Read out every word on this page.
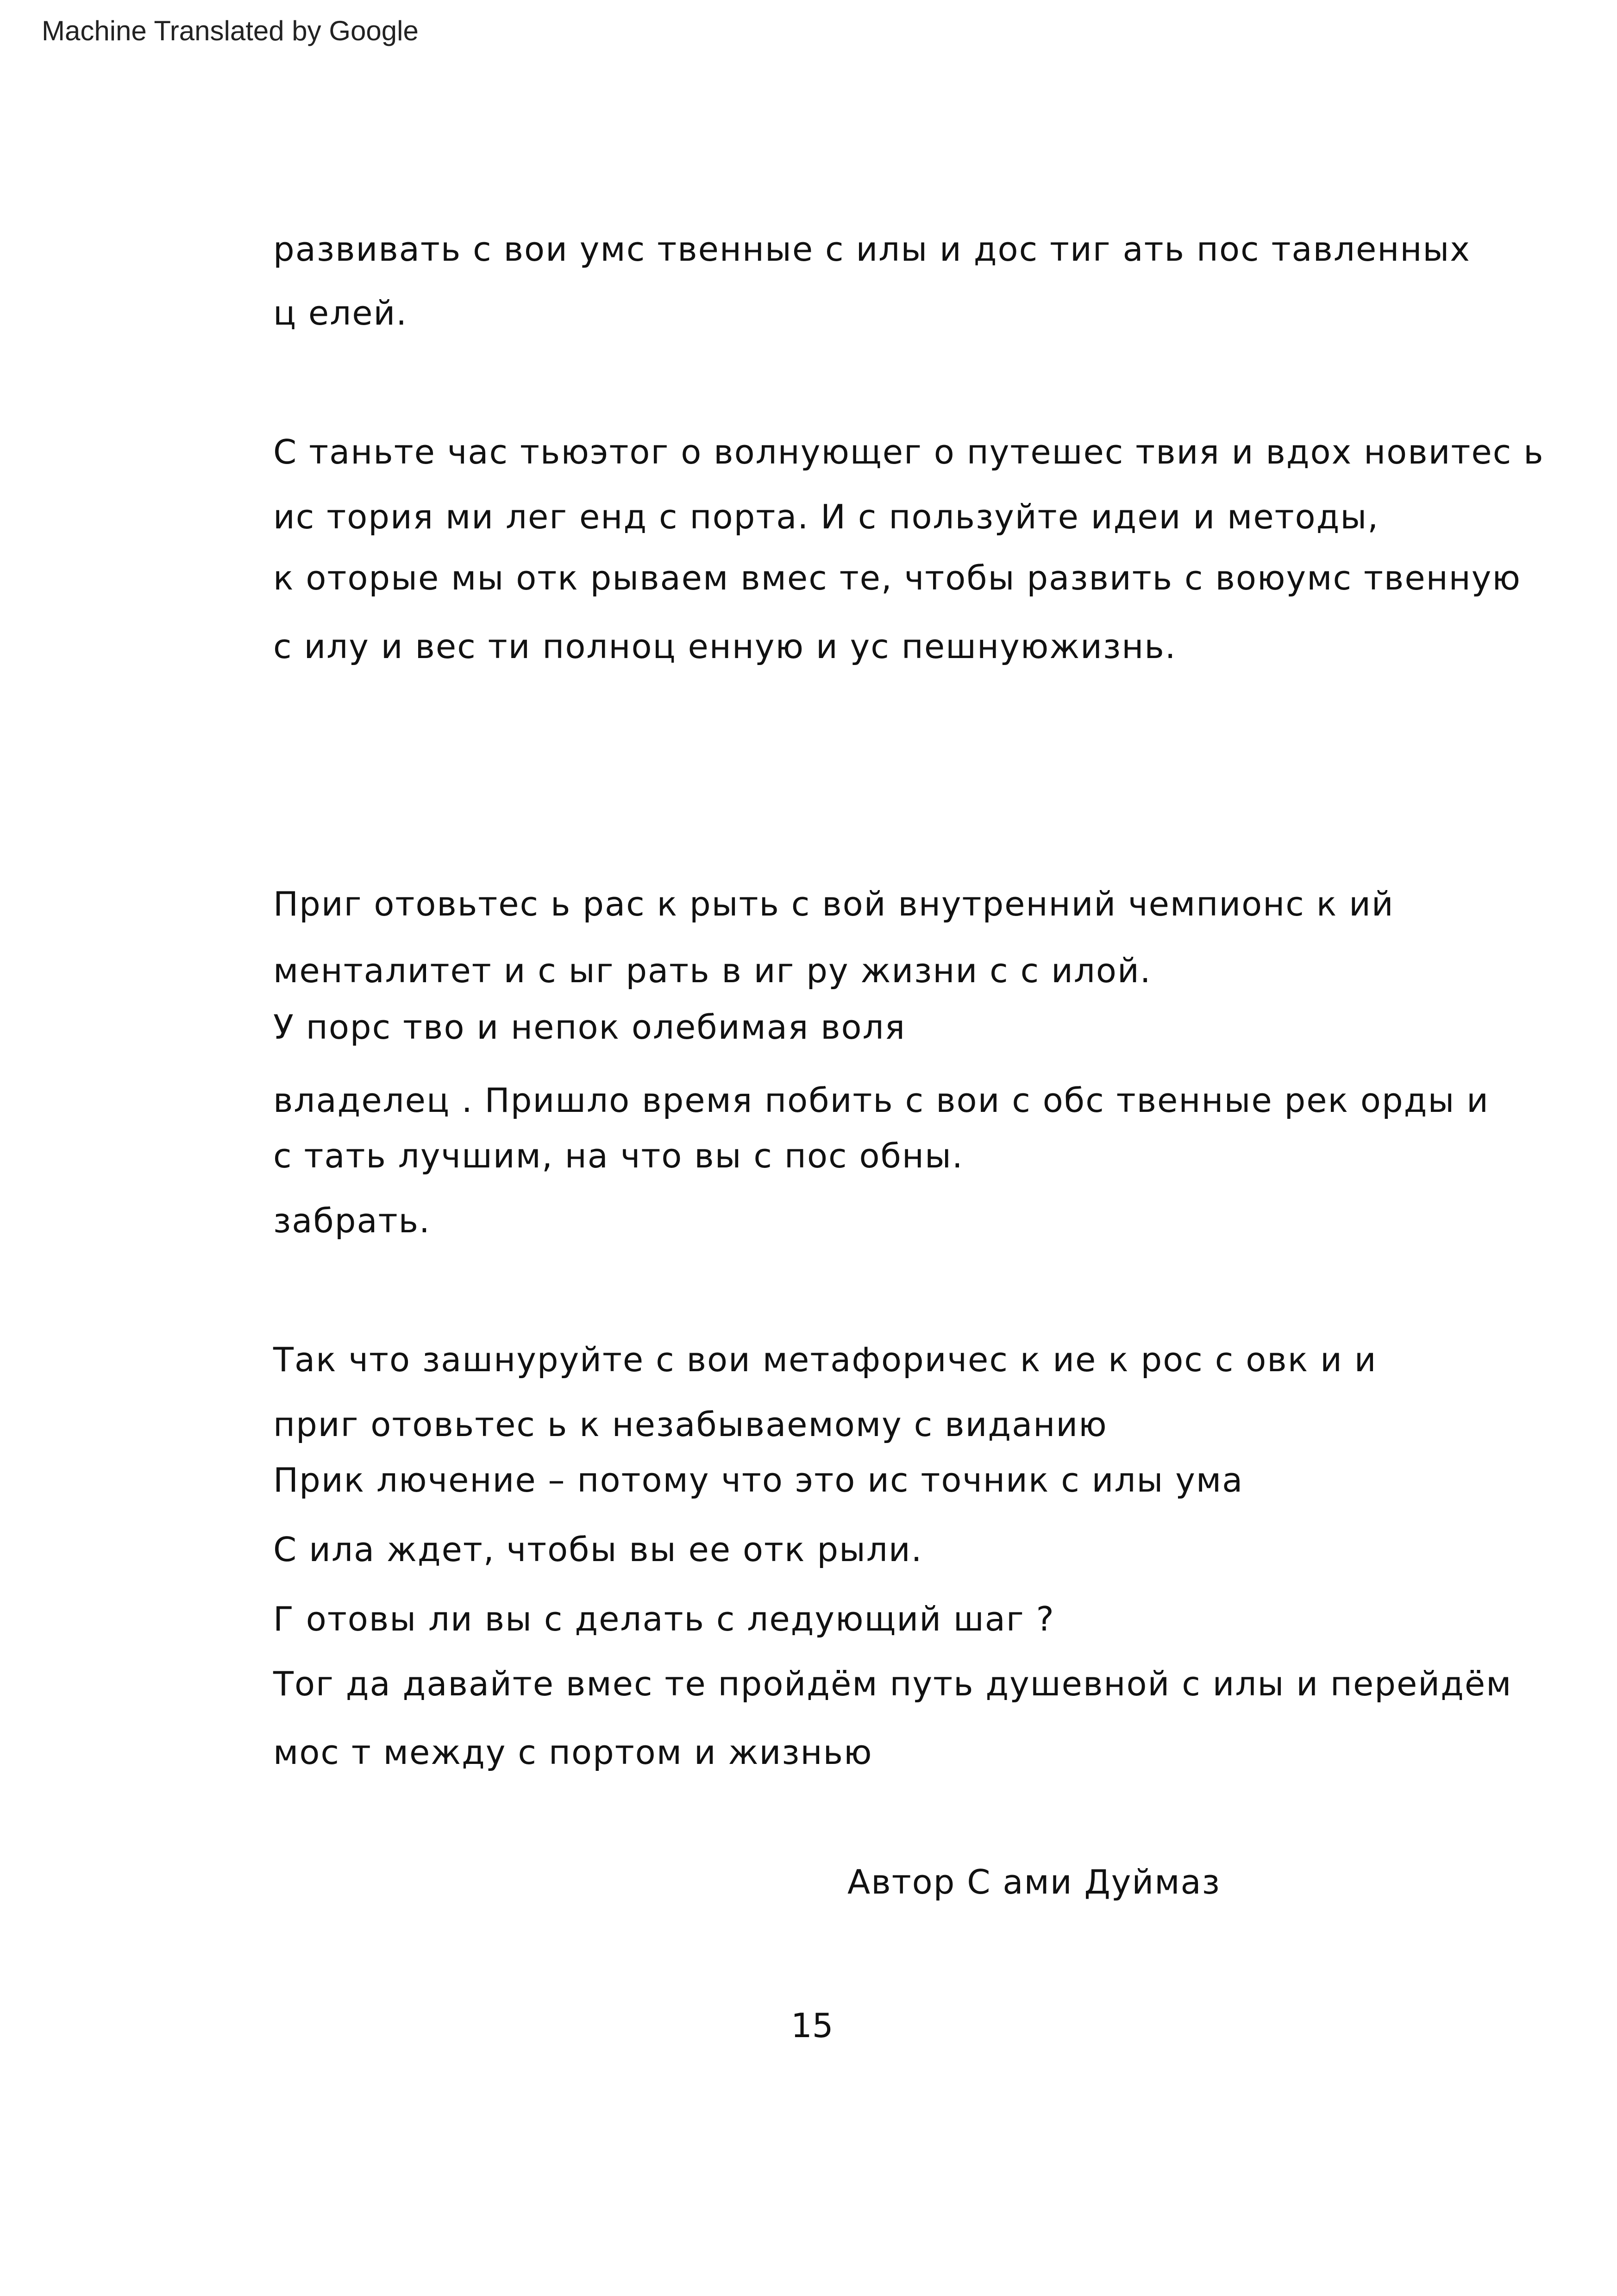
Machine Translated by Google
развивать с вои умс твенные с илы и дос тиг ать пос тавленных
ц елей.
С таньте час тьюэтог о волнующег о путешес твия и вдох новитес ь
ис тория ми лег енд с порта. И с пользуйте идеи и методы,
к оторые мы отк рываем вмес те, чтобы развить с воюумс твенную
с илу и вес ти полноц енную и ус пешнуюжизнь.
Приг отовьтес ь рас к рыть с вой внутренний чемпионс к ий
менталитет и с ыг рать в иг ру жизни с с илой.
У порс тво и непок олебимая воля
владелец . Пришло время побить с вои с обс твенные рек орды и
с тать лучшим, на что вы с пос обны.
забрать.
Так что зашнуруйте с вои метафоричес к ие к рос с овк и и
приг отовьтес ь к незабываемому с виданию
Прик лючение – потому что это ис точник с илы ума
С ила ждет, чтобы вы ее отк рыли.
Г отовы ли вы с делать с ледующий шаг ?
Тог да давайте вмес те пройдём путь душевной с илы и перейдём
мос т между с портом и жизнью
Автор С ами Дуймаз
15
